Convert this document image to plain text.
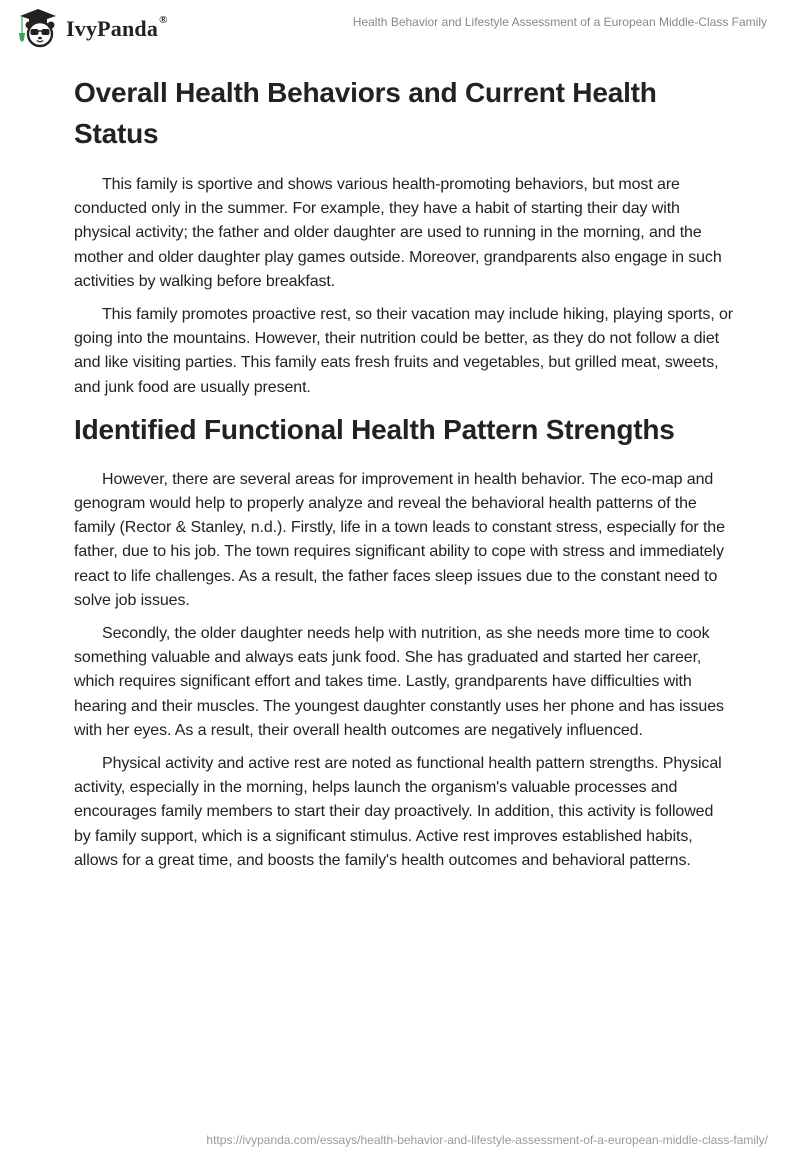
IvyPanda®	Health Behavior and Lifestyle Assessment of a European Middle-Class Family
Overall Health Behaviors and Current Health Status

This family is sportive and shows various health-promoting behaviors, but most are conducted only in the summer. For example, they have a habit of starting their day with physical activity; the father and older daughter are used to running in the morning, and the mother and older daughter play games outside. Moreover, grandparents also engage in such activities by walking before breakfast.

This family promotes proactive rest, so their vacation may include hiking, playing sports, or going into the mountains. However, their nutrition could be better, as they do not follow a diet and like visiting parties. This family eats fresh fruits and vegetables, but grilled meat, sweets, and junk food are usually present.

Identified Functional Health Pattern Strengths

However, there are several areas for improvement in health behavior. The eco-map and genogram would help to properly analyze and reveal the behavioral health patterns of the family (Rector & Stanley, n.d.). Firstly, life in a town leads to constant stress, especially for the father, due to his job. The town requires significant ability to cope with stress and immediately react to life challenges. As a result, the father faces sleep issues due to the constant need to solve job issues.

Secondly, the older daughter needs help with nutrition, as she needs more time to cook something valuable and always eats junk food. She has graduated and started her career, which requires significant effort and takes time. Lastly, grandparents have difficulties with hearing and their muscles. The youngest daughter constantly uses her phone and has issues with her eyes. As a result, their overall health outcomes are negatively influenced.

Physical activity and active rest are noted as functional health pattern strengths. Physical activity, especially in the morning, helps launch the organism's valuable processes and encourages family members to start their day proactively. In addition, this activity is followed by family support, which is a significant stimulus. Active rest improves established habits, allows for a great time, and boosts the family's health outcomes and behavioral patterns.

https://ivypanda.com/essays/health-behavior-and-lifestyle-assessment-of-a-european-middle-class-family/
